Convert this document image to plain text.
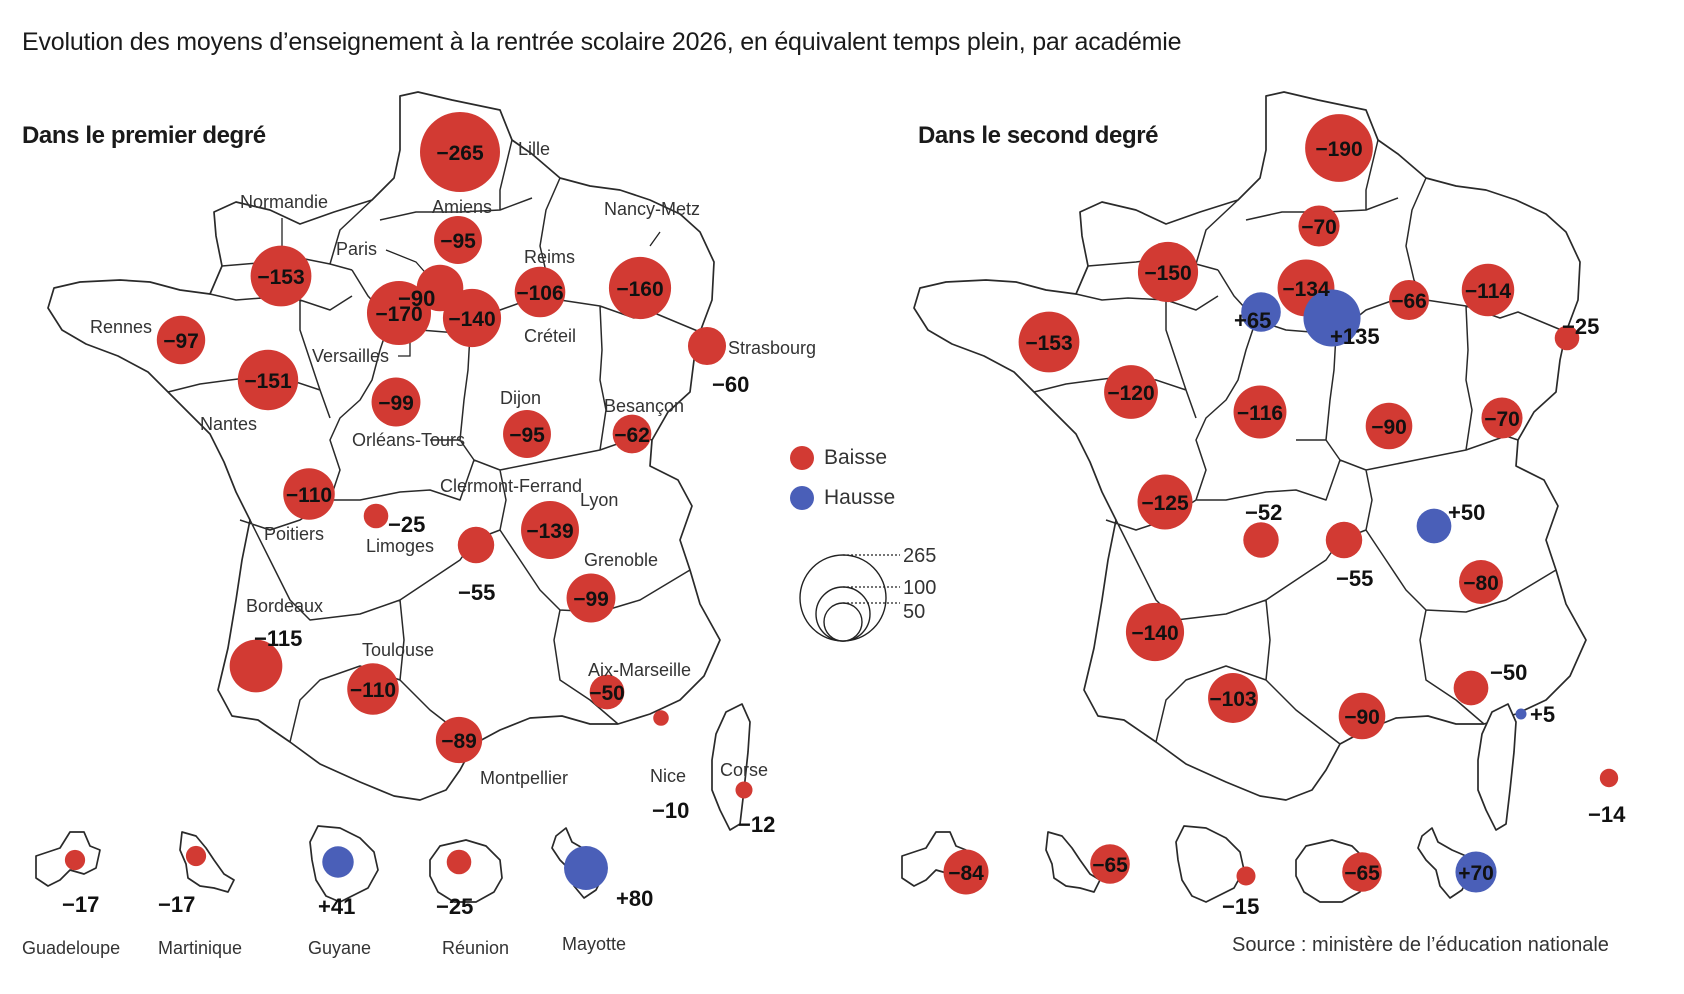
Evolution des moyens d’enseignement à la rentrée scolaire 2026, en équivalent temps plein, par académie
Dans le premier degré	Dans le second degré
−265 Lille
−95
Amiens
−153
Normandie
−90
Paris
−106
Reims
−160
Nancy-Metz
−97
Rennes
−170
Versailles
−140
Créteil
−60
Strasbourg
−151
Nantes
−99
Orléans-Tours −95
Dijon
−62
Besançon
−110
Poitiers	−25
Limoges
−55
Clermont-Ferrand
−139
Lyon
−99
Grenoble
−115
Bordeaux
−110
Toulouse
−50
Aix-Marseille
−89
Montpellier
−10
Nice
−12
Corse
−17
Guadeloupe
−17
Martinique
+41
Guyane
−25
Réunion
+80
Mayotte
−190
−70
−150
−134
+65
+135
−66 −114
−25
−153
−120
−116
−90	−70
−125	−52
−55
+50
−80
−140
−103
−90
−50
+5
−14
−84	−65
−15
−65	+70
265
100
50
Baisse
Hausse
Source : ministère de l’éducation nationale
